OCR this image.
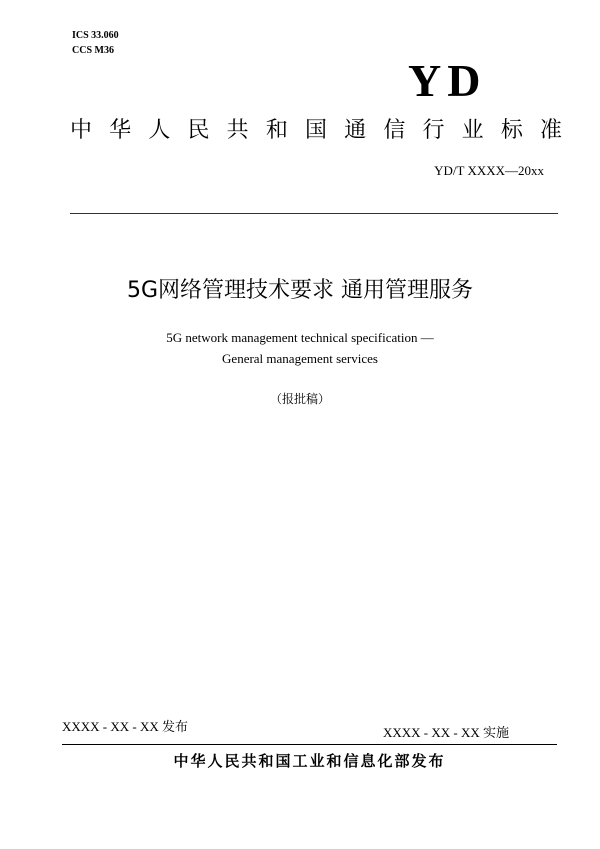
ICS 33.060
CCS M36
YD
中华人民共和国通信行业标准
YD/T XXXX—20xx
5G网络管理技术要求 通用管理服务
5G network management technical specification —
General management services
（报批稿）
XXXX - XX - XX 发布	XXXX - XX - XX 实施
中华人民共和国工业和信息化部发布
